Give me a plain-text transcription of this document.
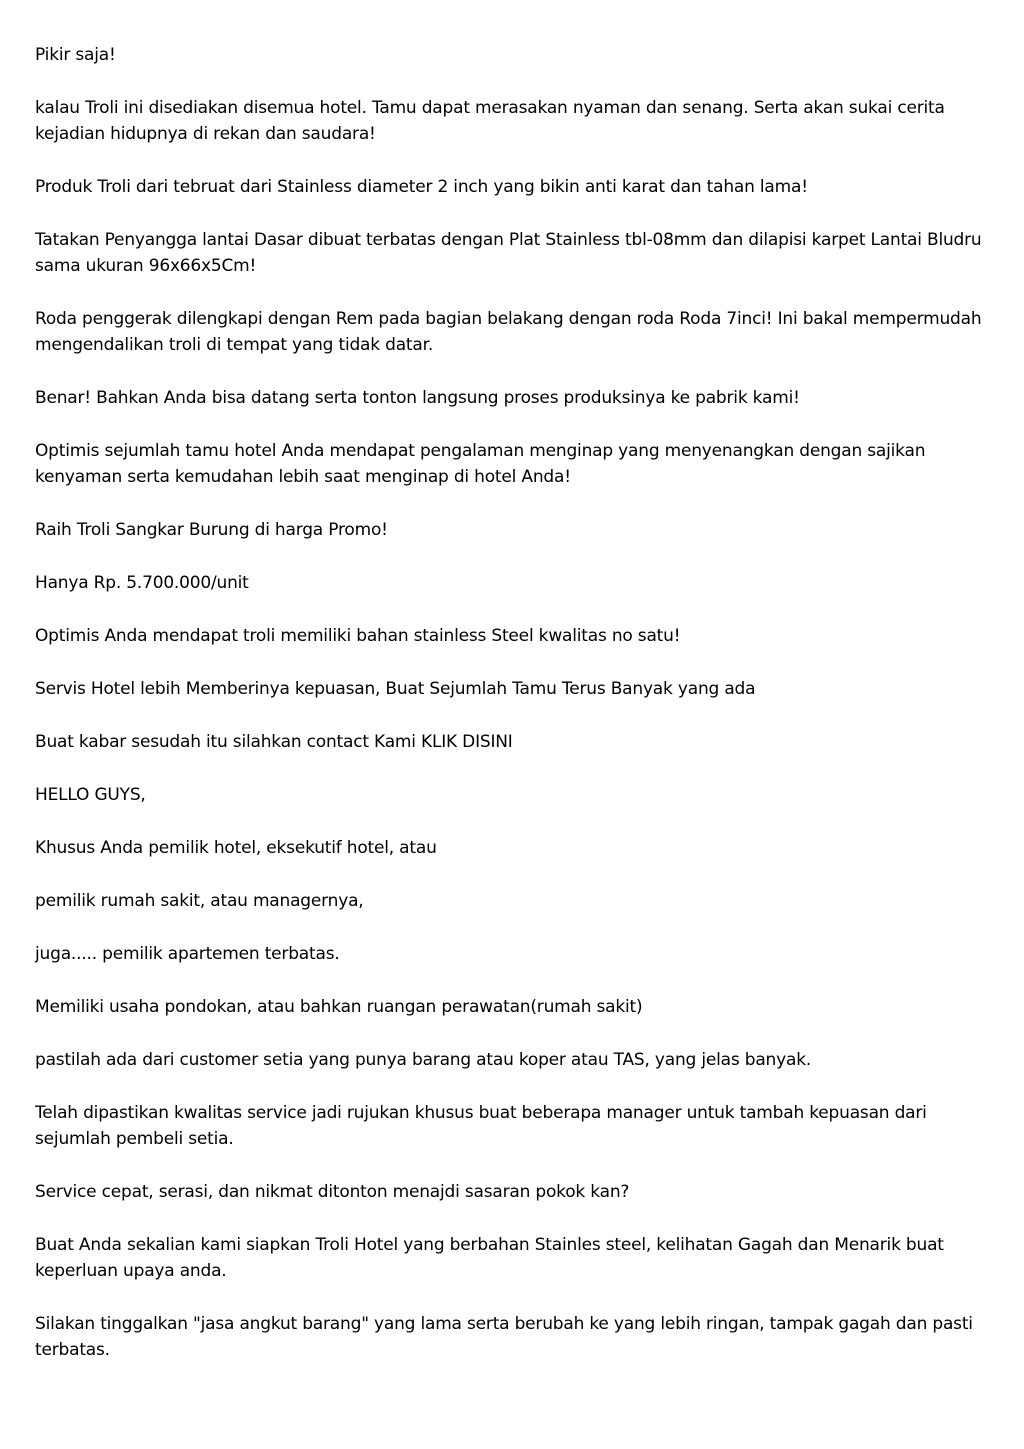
Pikir saja!

kalau Troli ini disediakan disemua hotel. Tamu dapat merasakan nyaman dan senang. Serta akan sukai cerita kejadian hidupnya di rekan dan saudara!

Produk Troli dari tebruat dari Stainless diameter 2 inch yang bikin anti karat dan tahan lama!

Tatakan Penyangga lantai Dasar dibuat terbatas dengan Plat Stainless tbl-08mm dan dilapisi karpet Lantai Bludru sama ukuran 96x66x5Cm!

Roda penggerak dilengkapi dengan Rem pada bagian belakang dengan roda Roda 7inci! Ini bakal mempermudah mengendalikan troli di tempat yang tidak datar.

Benar! Bahkan Anda bisa datang serta tonton langsung proses produksinya ke pabrik kami!

Optimis sejumlah tamu hotel Anda mendapat pengalaman menginap yang menyenangkan dengan sajikan kenyaman serta kemudahan lebih saat menginap di hotel Anda!

Raih Troli Sangkar Burung di harga Promo!

Hanya Rp. 5.700.000/unit

Optimis Anda mendapat troli memiliki bahan stainless Steel kwalitas no satu!

Servis Hotel lebih Memberinya kepuasan, Buat Sejumlah Tamu Terus Banyak yang ada

Buat kabar sesudah itu silahkan contact Kami KLIK DISINI

HELLO GUYS,

Khusus Anda pemilik hotel, eksekutif hotel, atau

pemilik rumah sakit, atau managernya,

juga..... pemilik apartemen terbatas.

Memiliki usaha pondokan, atau bahkan ruangan perawatan(rumah sakit)

pastilah ada dari customer setia yang punya barang atau koper atau TAS, yang jelas banyak.

Telah dipastikan kwalitas service jadi rujukan khusus buat beberapa manager untuk tambah kepuasan dari sejumlah pembeli setia.

Service cepat, serasi, dan nikmat ditonton menajdi sasaran pokok kan?

Buat Anda sekalian kami siapkan Troli Hotel yang berbahan Stainles steel, kelihatan Gagah dan Menarik buat keperluan upaya anda.

Silakan tinggalkan "jasa angkut barang" yang lama serta berubah ke yang lebih ringan, tampak gagah dan pasti terbatas.
